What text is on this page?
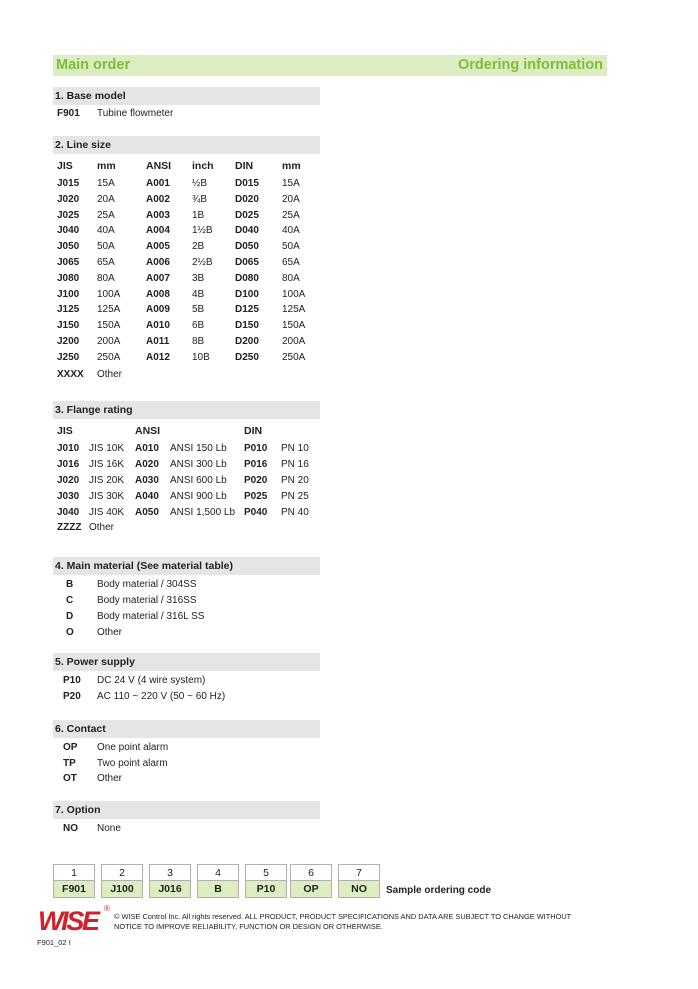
Main order	Ordering information
1. Base model
F901 Tubine flowmeter
2. Line size
JIS mm	ANSI inch DIN	mm
J015 15A	A001 ½B	D015 15A
J020 20A	A002 ¾B	D020 20A
J025 25A	A003 1B	D025 25A
J040 40A	A004 1½B D040 40A
J050 50A	A005 2B	D050 50A
J065 65A	A006 2½B D065 65A
J080 80A	A007 3B	D080 80A
J100 100A	A008 4B	D100 100A
J125 125A	A009 5B	D125 125A
J150 150A	A010 6B	D150 150A
J200 200A	A011 8B	D200 200A
J250 250A	A012 10B	D250 250A
XXXX Other
3. Flange rating
JIS	ANSI	DIN
J010 JIS 10K A010 ANSI 150 Lb P010 PN 10
J016 JIS 16K A020 ANSI 300 Lb P016 PN 16
J020 JIS 20K A030 ANSI 600 Lb P020 PN 20
J030 JIS 30K A040 ANSI 900 Lb P025 PN 25
J040 JIS 40K A050 ANSI 1,500 Lb P040 PN 40
ZZZZ Other
4. Main material (See material table)
B Body material / 304SS
C Body material / 316SS
D Body material / 316L SS
O Other
5. Power supply
P10 DC 24 V (4 wire system)
P20 AC 110 ~ 220 V (50 ~ 60 Hz)
6. Contact
OP One point alarm
TP Two point alarm
OT Other
7. Option
NO None
1
F901
2
J100
3
J016
4
B
5
P10
6
OP
7
NO	Sample ordering code
WISE ®
© WISE Control Inc. All rights reserved. ALL PRODUCT, PRODUCT SPECIFICATIONS AND DATA ARE SUBJECT TO CHANGE WITHOUT
NOTICE TO IMPROVE RELIABILITY, FUNCTION OR DESIGN OR OTHERWISE.
F901_02 I
